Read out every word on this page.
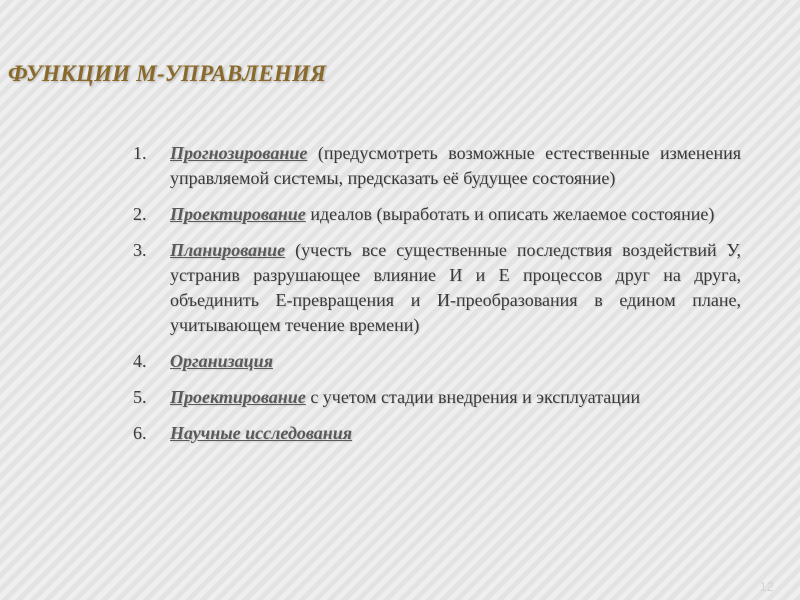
ФУНКЦИИ М-УПРАВЛЕНИЯ
1. Прогнозирование (предусмотреть возможные естественные изменения управляемой системы, предсказать её будущее состояние)
2. Проектирование идеалов (выработать и описать желаемое состояние)
3. Планирование (учесть все существенные последствия воздействий У, устранив разрушающее влияние И и Е процессов друг на друга, объединить Е-превращения и И-преобразования в едином плане, учитывающем течение времени)
4. Организация
5. Проектирование с учетом стадии внедрения и эксплуатации
6. Научные исследования
12
